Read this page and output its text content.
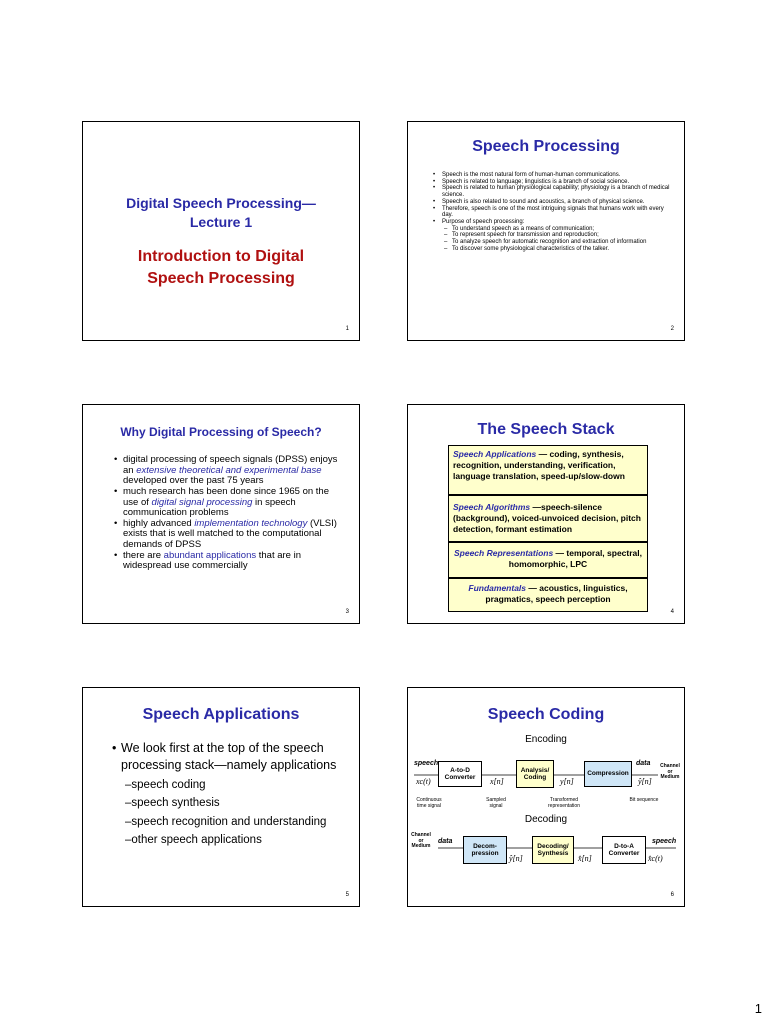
Digital Speech Processing—
Lecture 1
Introduction to Digital
Speech Processing
1
Speech Processing
• Speech is the most natural form of human-human communications.
• Speech is related to language; linguistics is a branch of social science.
• Speech is related to human physiological capability; physiology is a branch of medical science.
• Speech is also related to sound and acoustics, a branch of physical science.
• Therefore, speech is one of the most intriguing signals that humans work with every day.
• Purpose of speech processing:
– To understand speech as a means of communication;
– To represent speech for transmission and reproduction;
– To analyze speech for automatic recognition and extraction of information
– To discover some physiological characteristics of the talker.
2
Why Digital Processing of Speech?
• digital processing of speech signals (DPSS) enjoys an extensive theoretical and experimental base developed over the past 75 years
• much research has been done since 1965 on the use of digital signal processing in speech communication problems
• highly advanced implementation technology (VLSI) exists that is well matched to the computational demands of DPSS
• there are abundant applications that are in widespread use commercially
3
The Speech Stack
Speech Applications — coding, synthesis, recognition, understanding, verification, language translation, speed-up/slow-down
Speech Algorithms —speech-silence (background), voiced-unvoiced decision, pitch detection, formant estimation
Speech Representations — temporal, spectral, homomorphic, LPC
Fundamentals — acoustics, linguistics, pragmatics, speech perception
4
Speech Applications
• We look first at the top of the speech processing stack—namely applications
–speech coding
–speech synthesis
–speech recognition and understanding
–other speech applications
5
Speech Coding
Encoding
speech
xc(t)
A-to-D Converter	x[n]
Analysis/ Coding	y[n]
Compression
data
ŷ[n]
Channel or Medium
Continuous time signal
Sampled signal
Transformed representation
Bit sequence
Decoding
Channel or Medium
data
Decom- pression
ŷ[n]
Decoding/ Synthesis
x̂[n]
D-to-A Converter
speech
x̂c(t)
6
1
